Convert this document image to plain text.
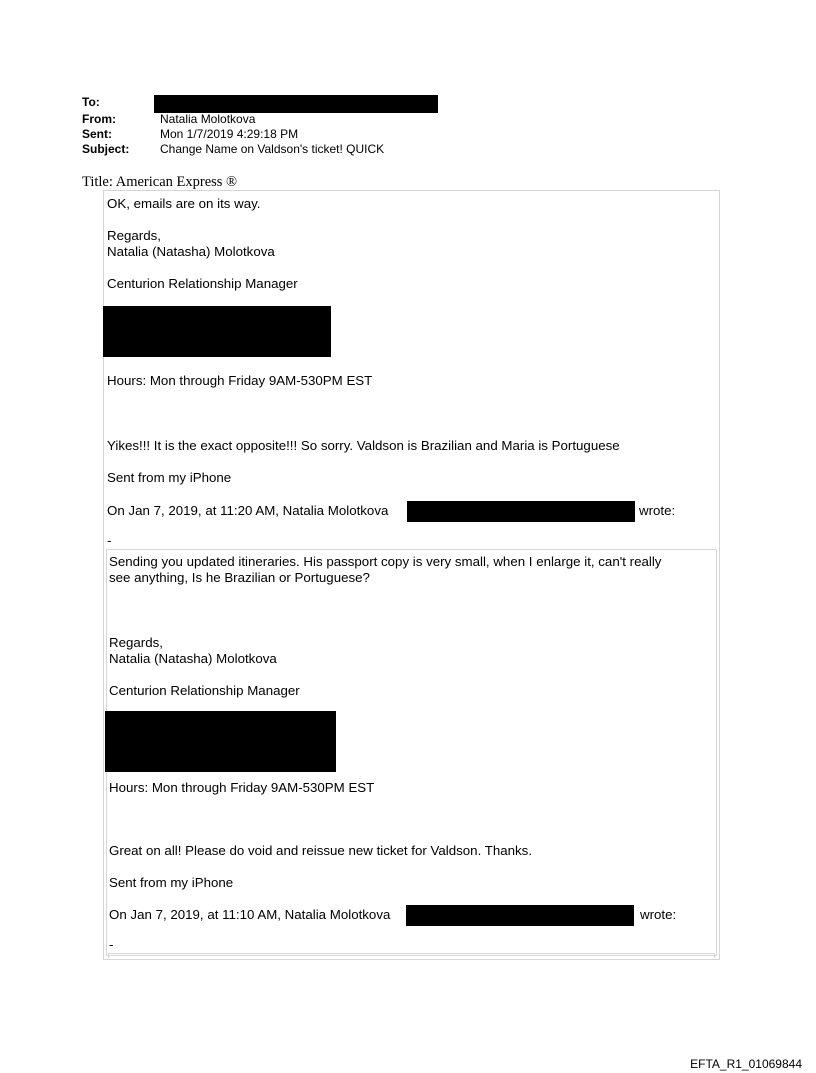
To:
From:	Natalia Molotkova
Sent:	Mon 1/7/2019 4:29:18 PM
Subject:	Change Name on Valdson's ticket! QUICK
Title: American Express ®
OK, emails are on its way.
Regards,
Natalia (Natasha) Molotkova
Centurion Relationship Manager
Hours: Mon through Friday 9AM-530PM EST
Yikes!!! It is the exact opposite!!! So sorry. Valdson is Brazilian and Maria is Portuguese
Sent from my iPhone
On Jan 7, 2019, at 11:20 AM, Natalia Molotkova	wrote:
-
Sending you updated itineraries. His passport copy is very small, when I enlarge it, can't really
see anything, Is he Brazilian or Portuguese?
Regards,
Natalia (Natasha) Molotkova
Centurion Relationship Manager
Hours: Mon through Friday 9AM-530PM EST
Great on all! Please do void and reissue new ticket for Valdson. Thanks.
Sent from my iPhone
On Jan 7, 2019, at 11:10 AM, Natalia Molotkova	wrote:
-
EFTA_R1_01069844
